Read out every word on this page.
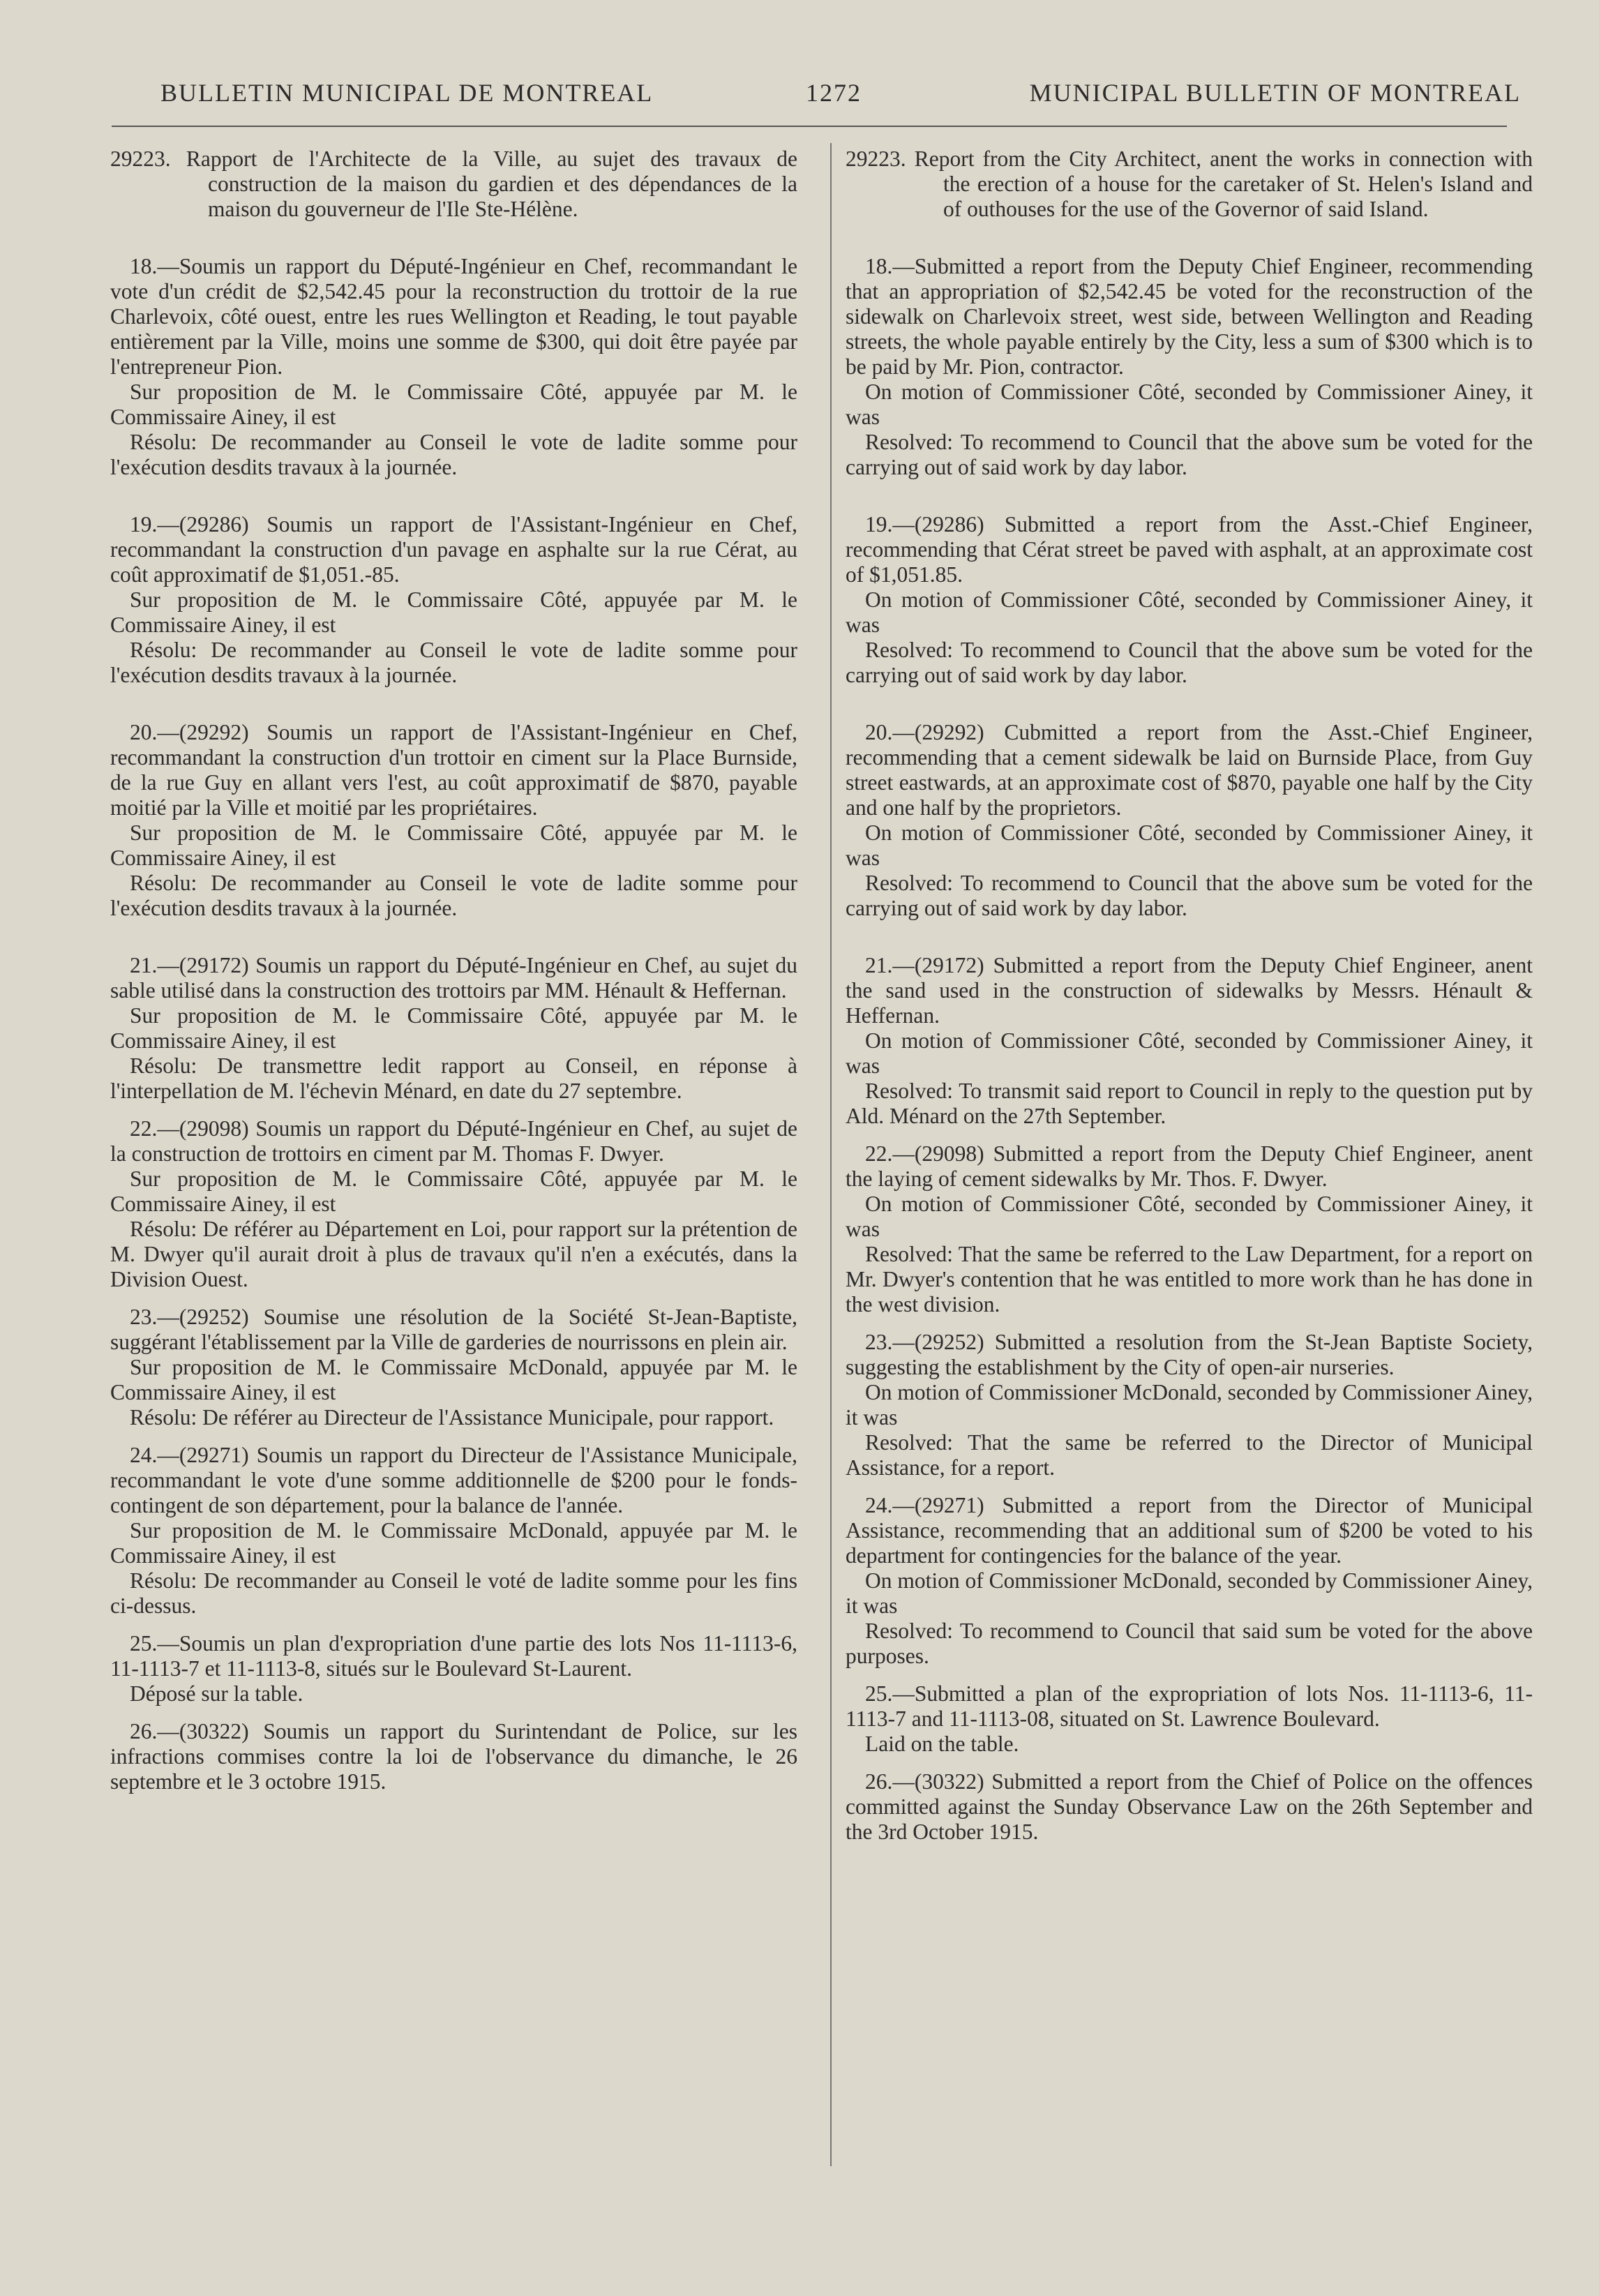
BULLETIN MUNICIPAL DE MONTREAL	1272	MUNICIPAL BULLETIN OF MONTREAL
29223. Rapport de l'Architecte de la Ville, au sujet des travaux de construction de la maison du gardien et des dépendances de la maison du gouverneur de l'Ile Ste-Hélène.
18.—Soumis un rapport du Député-Ingénieur en Chef, recommandant le vote d'un crédit de $2,542.45 pour la reconstruction du trottoir de la rue Charlevoix, côté ouest, entre les rues Wellington et Reading, le tout payable entièrement par la Ville, moins une somme de $300, qui doit être payée par l'entrepreneur Pion.
Sur proposition de M. le Commissaire Côté, appuyée par M. le Commissaire Ainey, il est
Résolu: De recommander au Conseil le vote de ladite somme pour l'exécution desdits travaux à la journée.
19.—(29286) Soumis un rapport de l'Assistant-Ingénieur en Chef, recommandant la construction d'un pavage en asphalte sur la rue Cérat, au coût approximatif de $1,051.-85.
Sur proposition de M. le Commissaire Côté, appuyée par M. le Commissaire Ainey, il est
Résolu: De recommander au Conseil le vote de ladite somme pour l'exécution desdits travaux à la journée.
20.—(29292) Soumis un rapport de l'Assistant-Ingénieur en Chef, recommandant la construction d'un trottoir en ciment sur la Place Burnside, de la rue Guy en allant vers l'est, au coût approximatif de $870, payable moitié par la Ville et moitié par les propriétaires.
Sur proposition de M. le Commissaire Côté, appuyée par M. le Commissaire Ainey, il est
Résolu: De recommander au Conseil le vote de ladite somme pour l'exécution desdits travaux à la journée.
21.—(29172) Soumis un rapport du Député-Ingénieur en Chef, au sujet du sable utilisé dans la construction des trottoirs par MM. Hénault & Heffernan.
Sur proposition de M. le Commissaire Côté, appuyée par M. le Commissaire Ainey, il est
Résolu: De transmettre ledit rapport au Conseil, en réponse à l'interpellation de M. l'échevin Ménard, en date du 27 septembre.
22.—(29098) Soumis un rapport du Député-Ingénieur en Chef, au sujet de la construction de trottoirs en ciment par M. Thomas F. Dwyer.
Sur proposition de M. le Commissaire Côté, appuyée par M. le Commissaire Ainey, il est
Résolu: De référer au Département en Loi, pour rapport sur la prétention de M. Dwyer qu'il aurait droit à plus de travaux qu'il n'en a exécutés, dans la Division Ouest.
23.—(29252) Soumise une résolution de la Société St-Jean-Baptiste, suggérant l'établissement par la Ville de garderies de nourrissons en plein air.
Sur proposition de M. le Commissaire McDonald, appuyée par M. le Commissaire Ainey, il est
Résolu: De référer au Directeur de l'Assistance Municipale, pour rapport.
24.—(29271) Soumis un rapport du Directeur de l'Assistance Municipale, recommandant le vote d'une somme additionnelle de $200 pour le fonds-contingent de son département, pour la balance de l'année.
Sur proposition de M. le Commissaire McDonald, appuyée par M. le Commissaire Ainey, il est
Résolu: De recommander au Conseil le voté de ladite somme pour les fins ci-dessus.
25.—Soumis un plan d'expropriation d'une partie des lots Nos 11-1113-6, 11-1113-7 et 11-1113-8, situés sur le Boulevard St-Laurent.
Déposé sur la table.
26.—(30322) Soumis un rapport du Surintendant de Police, sur les infractions commises contre la loi de l'observance du dimanche, le 26 septembre et le 3 octobre 1915.
29223. Report from the City Architect, anent the works in connection with the erection of a house for the caretaker of St. Helen's Island and of outhouses for the use of the Governor of said Island.
18.—Submitted a report from the Deputy Chief Engineer, recommending that an appropriation of $2,542.45 be voted for the reconstruction of the sidewalk on Charlevoix street, west side, between Wellington and Reading streets, the whole payable entirely by the City, less a sum of $300 which is to be paid by Mr. Pion, contractor.
On motion of Commissioner Côté, seconded by Commissioner Ainey, it was
Resolved: To recommend to Council that the above sum be voted for the carrying out of said work by day labor.
19.—(29286) Submitted a report from the Asst.-Chief Engineer, recommending that Cérat street be paved with asphalt, at an approximate cost of $1,051.85.
On motion of Commissioner Côté, seconded by Commissioner Ainey, it was
Resolved: To recommend to Council that the above sum be voted for the carrying out of said work by day labor.
20.—(29292) Cubmitted a report from the Asst.-Chief Engineer, recommending that a cement sidewalk be laid on Burnside Place, from Guy street eastwards, at an approximate cost of $870, payable one half by the City and one half by the proprietors.
On motion of Commissioner Côté, seconded by Commissioner Ainey, it was
Resolved: To recommend to Council that the above sum be voted for the carrying out of said work by day labor.
21.—(29172) Submitted a report from the Deputy Chief Engineer, anent the sand used in the construction of sidewalks by Messrs. Hénault & Heffernan.
On motion of Commissioner Côté, seconded by Commissioner Ainey, it was
Resolved: To transmit said report to Council in reply to the question put by Ald. Ménard on the 27th September.
22.—(29098) Submitted a report from the Deputy Chief Engineer, anent the laying of cement sidewalks by Mr. Thos. F. Dwyer.
On motion of Commissioner Côté, seconded by Commissioner Ainey, it was
Resolved: That the same be referred to the Law Department, for a report on Mr. Dwyer's contention that he was entitled to more work than he has done in the west division.
23.—(29252) Submitted a resolution from the St-Jean Baptiste Society, suggesting the establishment by the City of open-air nurseries.
On motion of Commissioner McDonald, seconded by Commissioner Ainey, it was
Resolved: That the same be referred to the Director of Municipal Assistance, for a report.
24.—(29271) Submitted a report from the Director of Municipal Assistance, recommending that an additional sum of $200 be voted to his department for contingencies for the balance of the year.
On motion of Commissioner McDonald, seconded by Commissioner Ainey, it was
Resolved: To recommend to Council that said sum be voted for the above purposes.
25.—Submitted a plan of the expropriation of lots Nos. 11-1113-6, 11-1113-7 and 11-1113-08, situated on St. Lawrence Boulevard.
Laid on the table.
26.—(30322) Submitted a report from the Chief of Police on the offences committed against the Sunday Observance Law on the 26th September and the 3rd October 1915.
